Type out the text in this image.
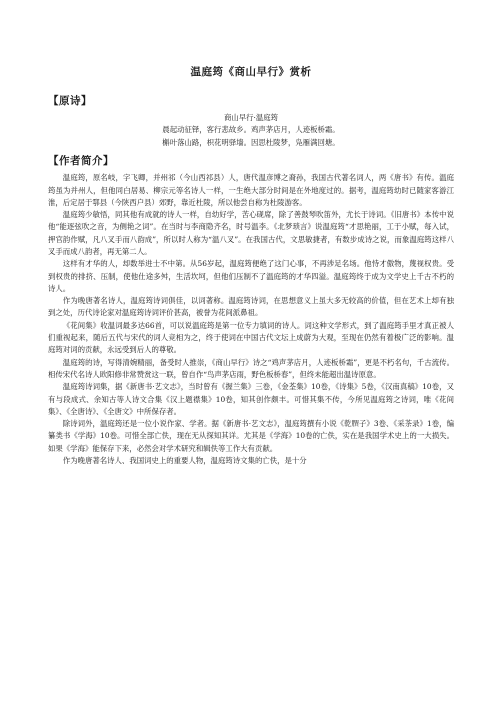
温庭筠《商山早行》赏析
【原诗】
商山早行·温庭筠
晨起动征铎，客行悲故乡。鸡声茅店月，人迹板桥霜。
槲叶落山路，枳花明驿墙。因思杜陵梦，凫雁满回塘。
【作者简介】

温庭筠，原名岐，字飞卿，并州祁（今山西祁县）人，唐代温彦博之裔孙，我国古代著名词人，两《唐书》有传。温庭筠虽为并州人，但他同白居易、柳宗元等名诗人一样，一生绝大部分时间是在外地度过的。据考，温庭筠幼时已随家客游江淮，后定居于鄠县（今陕西户县）郊野，靠近杜陵，所以他尝自称为杜陵游客。

温庭筠少敏悟，同其他有成就的诗人一样，自幼好学，苦心砚席，除了善鼓琴吹笛外，尤长于诗词。《旧唐书》本传中说他“能逐弦吹之音，为侧艳之词”。在当时与李商隐齐名，时号温李。《北梦琐言》说温庭筠“才思艳丽，工于小赋，每入试，押官韵作赋，凡八叉手而八韵成”，所以时人称为“温八叉”。在我国古代，文思敏捷者，有数步成诗之说，而象温庭筠这样八叉手而成八韵者，再无第二人。

这样有才华的人，却数举进士不中第。从56岁起，温庭筠便绝了这门心事，不再涉足名场。他恃才傲物，蔑视权贵。受到权贵的排挤、压制，使他仕途多舛，生活坎坷，但他们压制不了温庭筠的才华四溢。温庭筠终于成为文学史上千古不朽的诗人。

作为晚唐著名诗人，温庭筠诗词俱佳，以词著称。温庭筠诗词，在思想意义上虽大多无较高的价值，但在艺术上却有独到之处，历代诗论家对温庭筠诗词评价甚高，被誉为花间派鼻祖。

《花间集》收温词最多达66首，可以说温庭筠是第一位专力填词的诗人。词这种文学形式，到了温庭筠手里才真正被人们重视起来，随后五代与宋代的词人竞相为之，终于使词在中国古代文坛上成蔚为大观，至现在仍然有着极广泛的影响。温庭筠对词的贡献，永远受到后人的尊敬。

温庭筠的诗，写得清婉精丽，备受时人推崇，《商山早行》诗之“鸡声茅店月，人迹板桥霜”，更是不朽名句，千古流传。相传宋代名诗人欧阳修非常赞赏这一联，曾自作“鸟声茅店雨，野色板桥春”，但终未能超出温诗原意。

温庭筠诗词集，据《新唐书·艺文志》，当时曾有《握兰集》三卷，《金荃集》10卷，《诗集》5卷，《汉南真稿》10卷，又有与段成式、余知古等人诗文合集《汉上题襟集》10卷，知其创作颇丰。可惜其集不传，今所见温庭筠之诗词，唯《花间集》、《全唐诗》、《全唐文》中所保存者。

除诗词外，温庭筠还是一位小说作家、学者。据《新唐书·艺文志》，温庭筠撰有小说《乾𦠆子》3卷、《采茶录》1卷，编纂类书《学海》10卷。可惜全部亡佚，现在无从探知其详。尤其是《学海》10卷的亡佚，实在是我国学术史上的一大损失。如果《学海》能保存下来，必然会对学术研究和辑佚等工作大有贡献。

作为晚唐著名诗人、我国词史上的重要人物，温庭筠诗文集的亡佚，是十分
